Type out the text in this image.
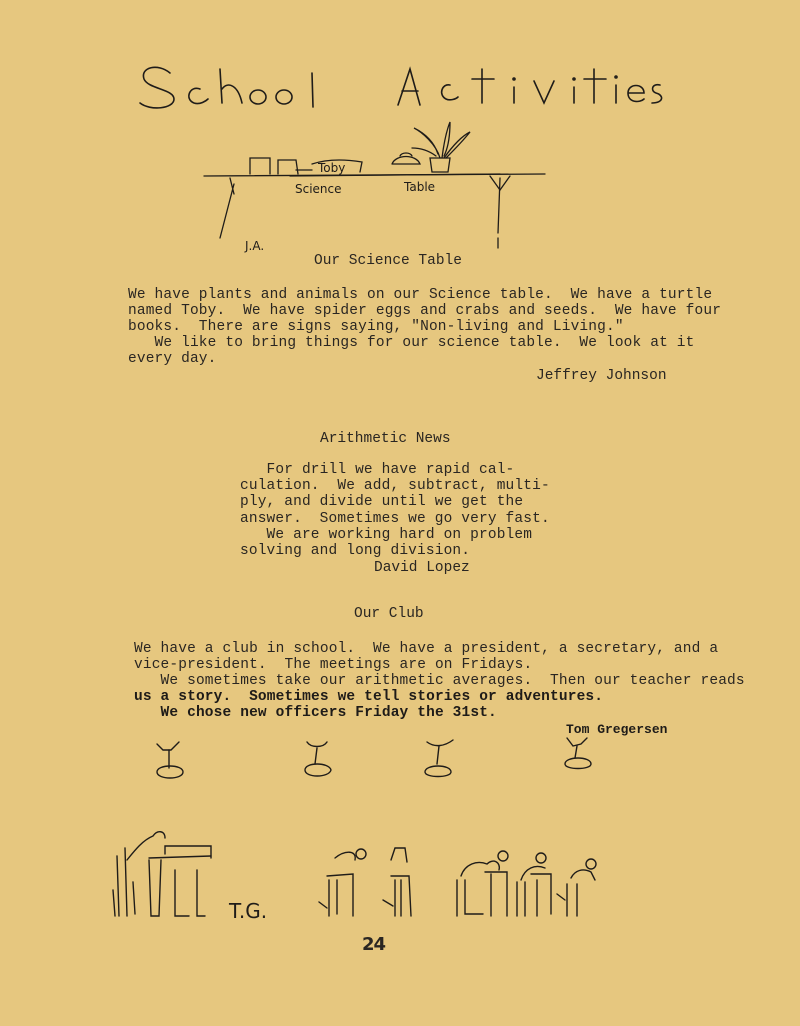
Toby
Science	Table
J.A.
Our Science Table
We have plants and animals on our Science table.  We have a turtle
named Toby.  We have spider eggs and crabs and seeds.  We have four
books.  There are signs saying, "Non-living and Living."
We like to bring things for our science table.  We look at it
every day.
Jeffrey Johnson
Arithmetic News
For drill we have rapid cal-
culation.  We add, subtract, multi-
ply, and divide until we get the
answer.  Sometimes we go very fast.
We are working hard on problem
solving and long division.
David Lopez
Our Club
We have a club in school.  We have a president, a secretary, and a
vice-president.  The meetings are on Fridays.
We sometimes take our arithmetic averages.  Then our teacher reads
us a story.  Sometimes we tell stories or adventures.
We chose new officers Friday the 31st.
Tom Gregersen
T.G.
24
